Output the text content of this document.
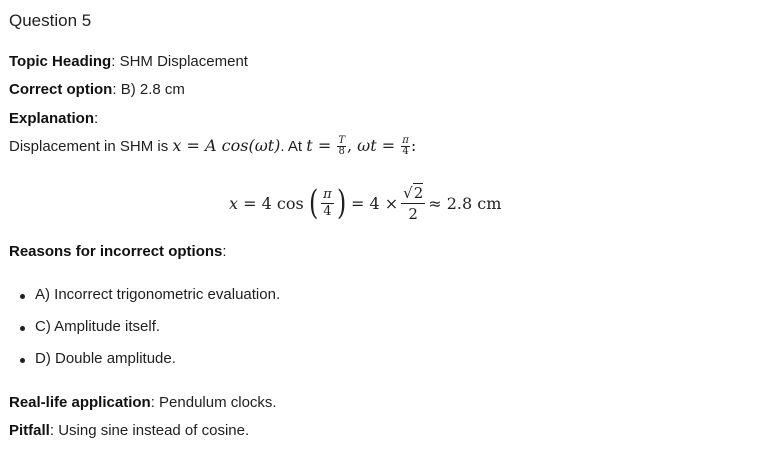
Question 5
Topic Heading: SHM Displacement
Correct option: B) 2.8 cm
Explanation:
Displacement in SHM is x = A cos(ωt). At $t = \frac{T}{8}$ , $\omega t = \frac{\pi}{4}$ :
x
=
4 cos
( $\frac{\pi}{4}$ )
= $4 \times \frac{√2}{2} \approx 2.8$ cm
Reasons for incorrect options:
A) Incorrect trigonometric evaluation.
C) Amplitude itself.
D) Double amplitude.
Real-life application: Pendulum clocks.
Pitfall: Using sine instead of cosine.
